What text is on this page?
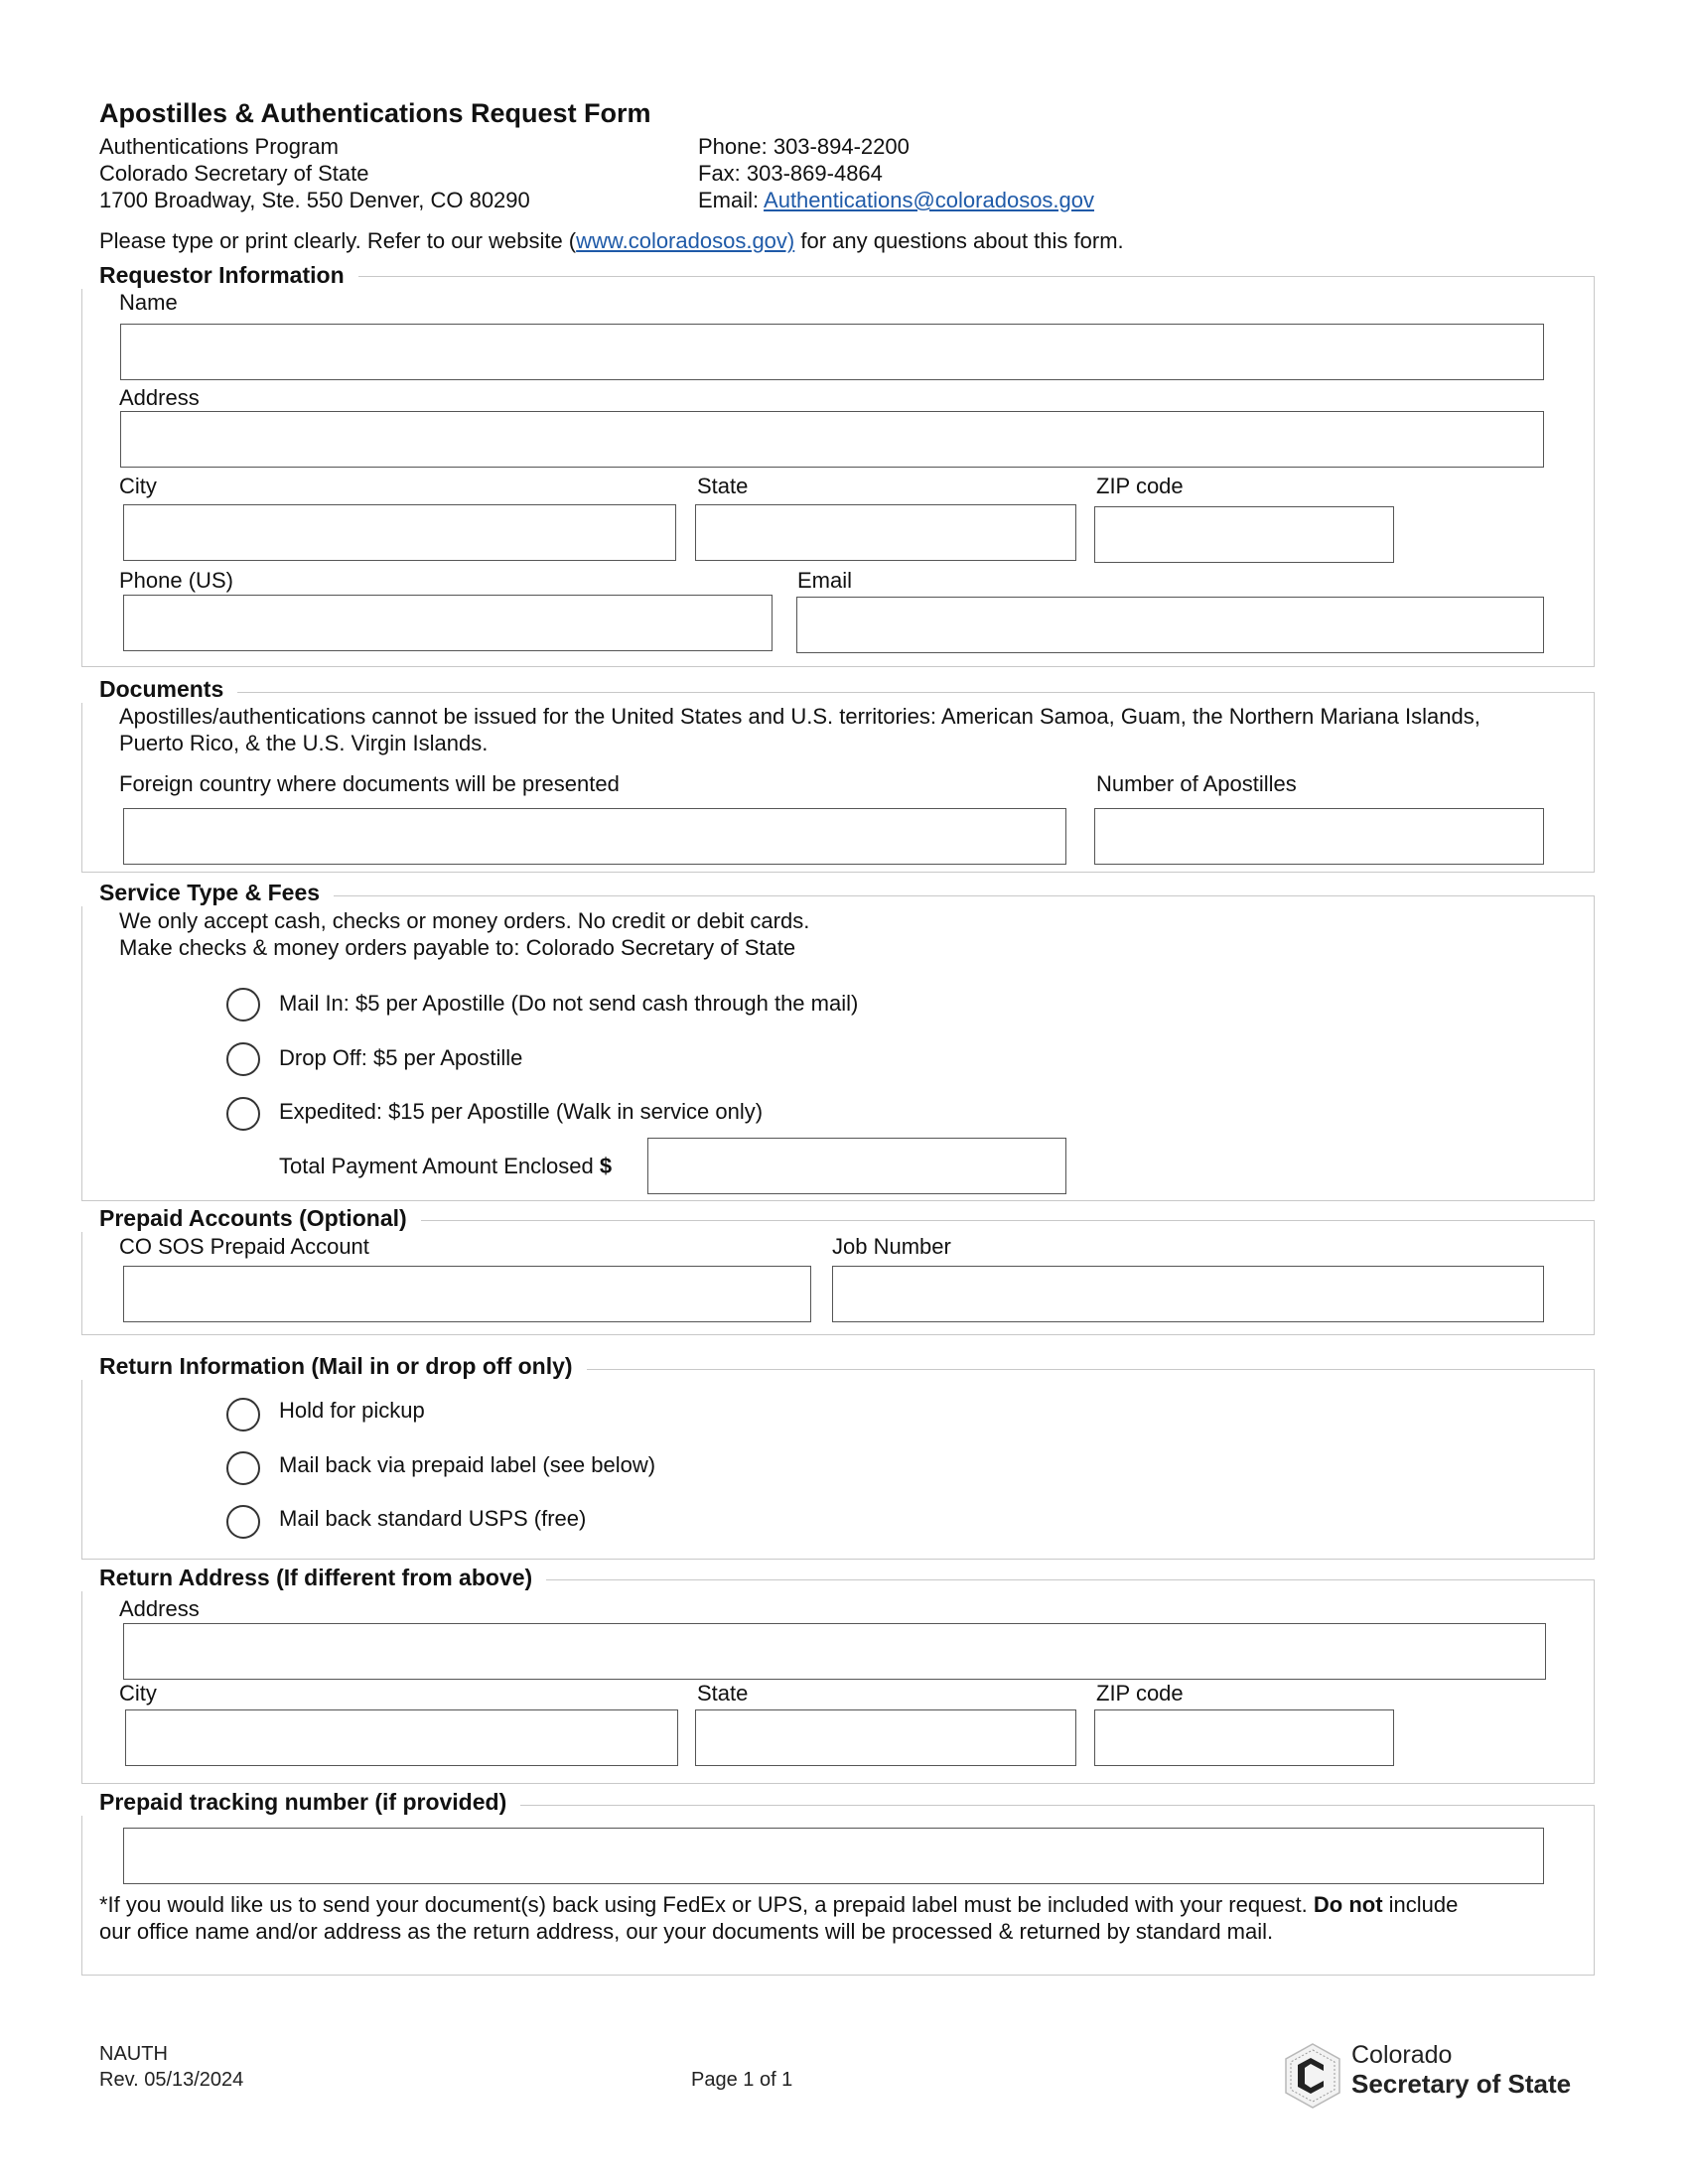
Apostilles & Authentications Request Form
Authentications Program
Colorado Secretary of State
1700 Broadway, Ste. 550 Denver, CO 80290
Phone: 303-894-2200
Fax: 303-869-4864
Email: Authentications@coloradosos.gov
Please type or print clearly. Refer to our website (www.coloradosos.gov) for any questions about this form.
Requestor Information
Name
Address
City	State	ZIP code
Phone (US)	Email
Documents
Apostilles/authentications cannot be issued for the United States and U.S. territories: American Samoa, Guam, the Northern Mariana Islands,
Puerto Rico, & the U.S. Virgin Islands.
Foreign country where documents will be presented	Number of Apostilles
Service Type & Fees
We only accept cash, checks or money orders. No credit or debit cards.
Make checks & money orders payable to: Colorado Secretary of State
Mail In: $5 per Apostille (Do not send cash through the mail)
Drop Off: $5 per Apostille
Expedited: $15 per Apostille (Walk in service only)
Total Payment Amount Enclosed $
Prepaid Accounts (Optional)
CO SOS Prepaid Account	Job Number
Return Information (Mail in or drop off only)
Hold for pickup
Mail back via prepaid label (see below)
Mail back standard USPS (free)
Return Address (If different from above)
Address
City	State	ZIP code
Prepaid tracking number (if provided)
*If you would like us to send your document(s) back using FedEx or UPS, a prepaid label must be included with your request. Do not include
our office name and/or address as the return address, our your documents will be processed & returned by standard mail.
NAUTH
Rev. 05/13/2024	Page 1 of 1
Colorado
Secretary of State
